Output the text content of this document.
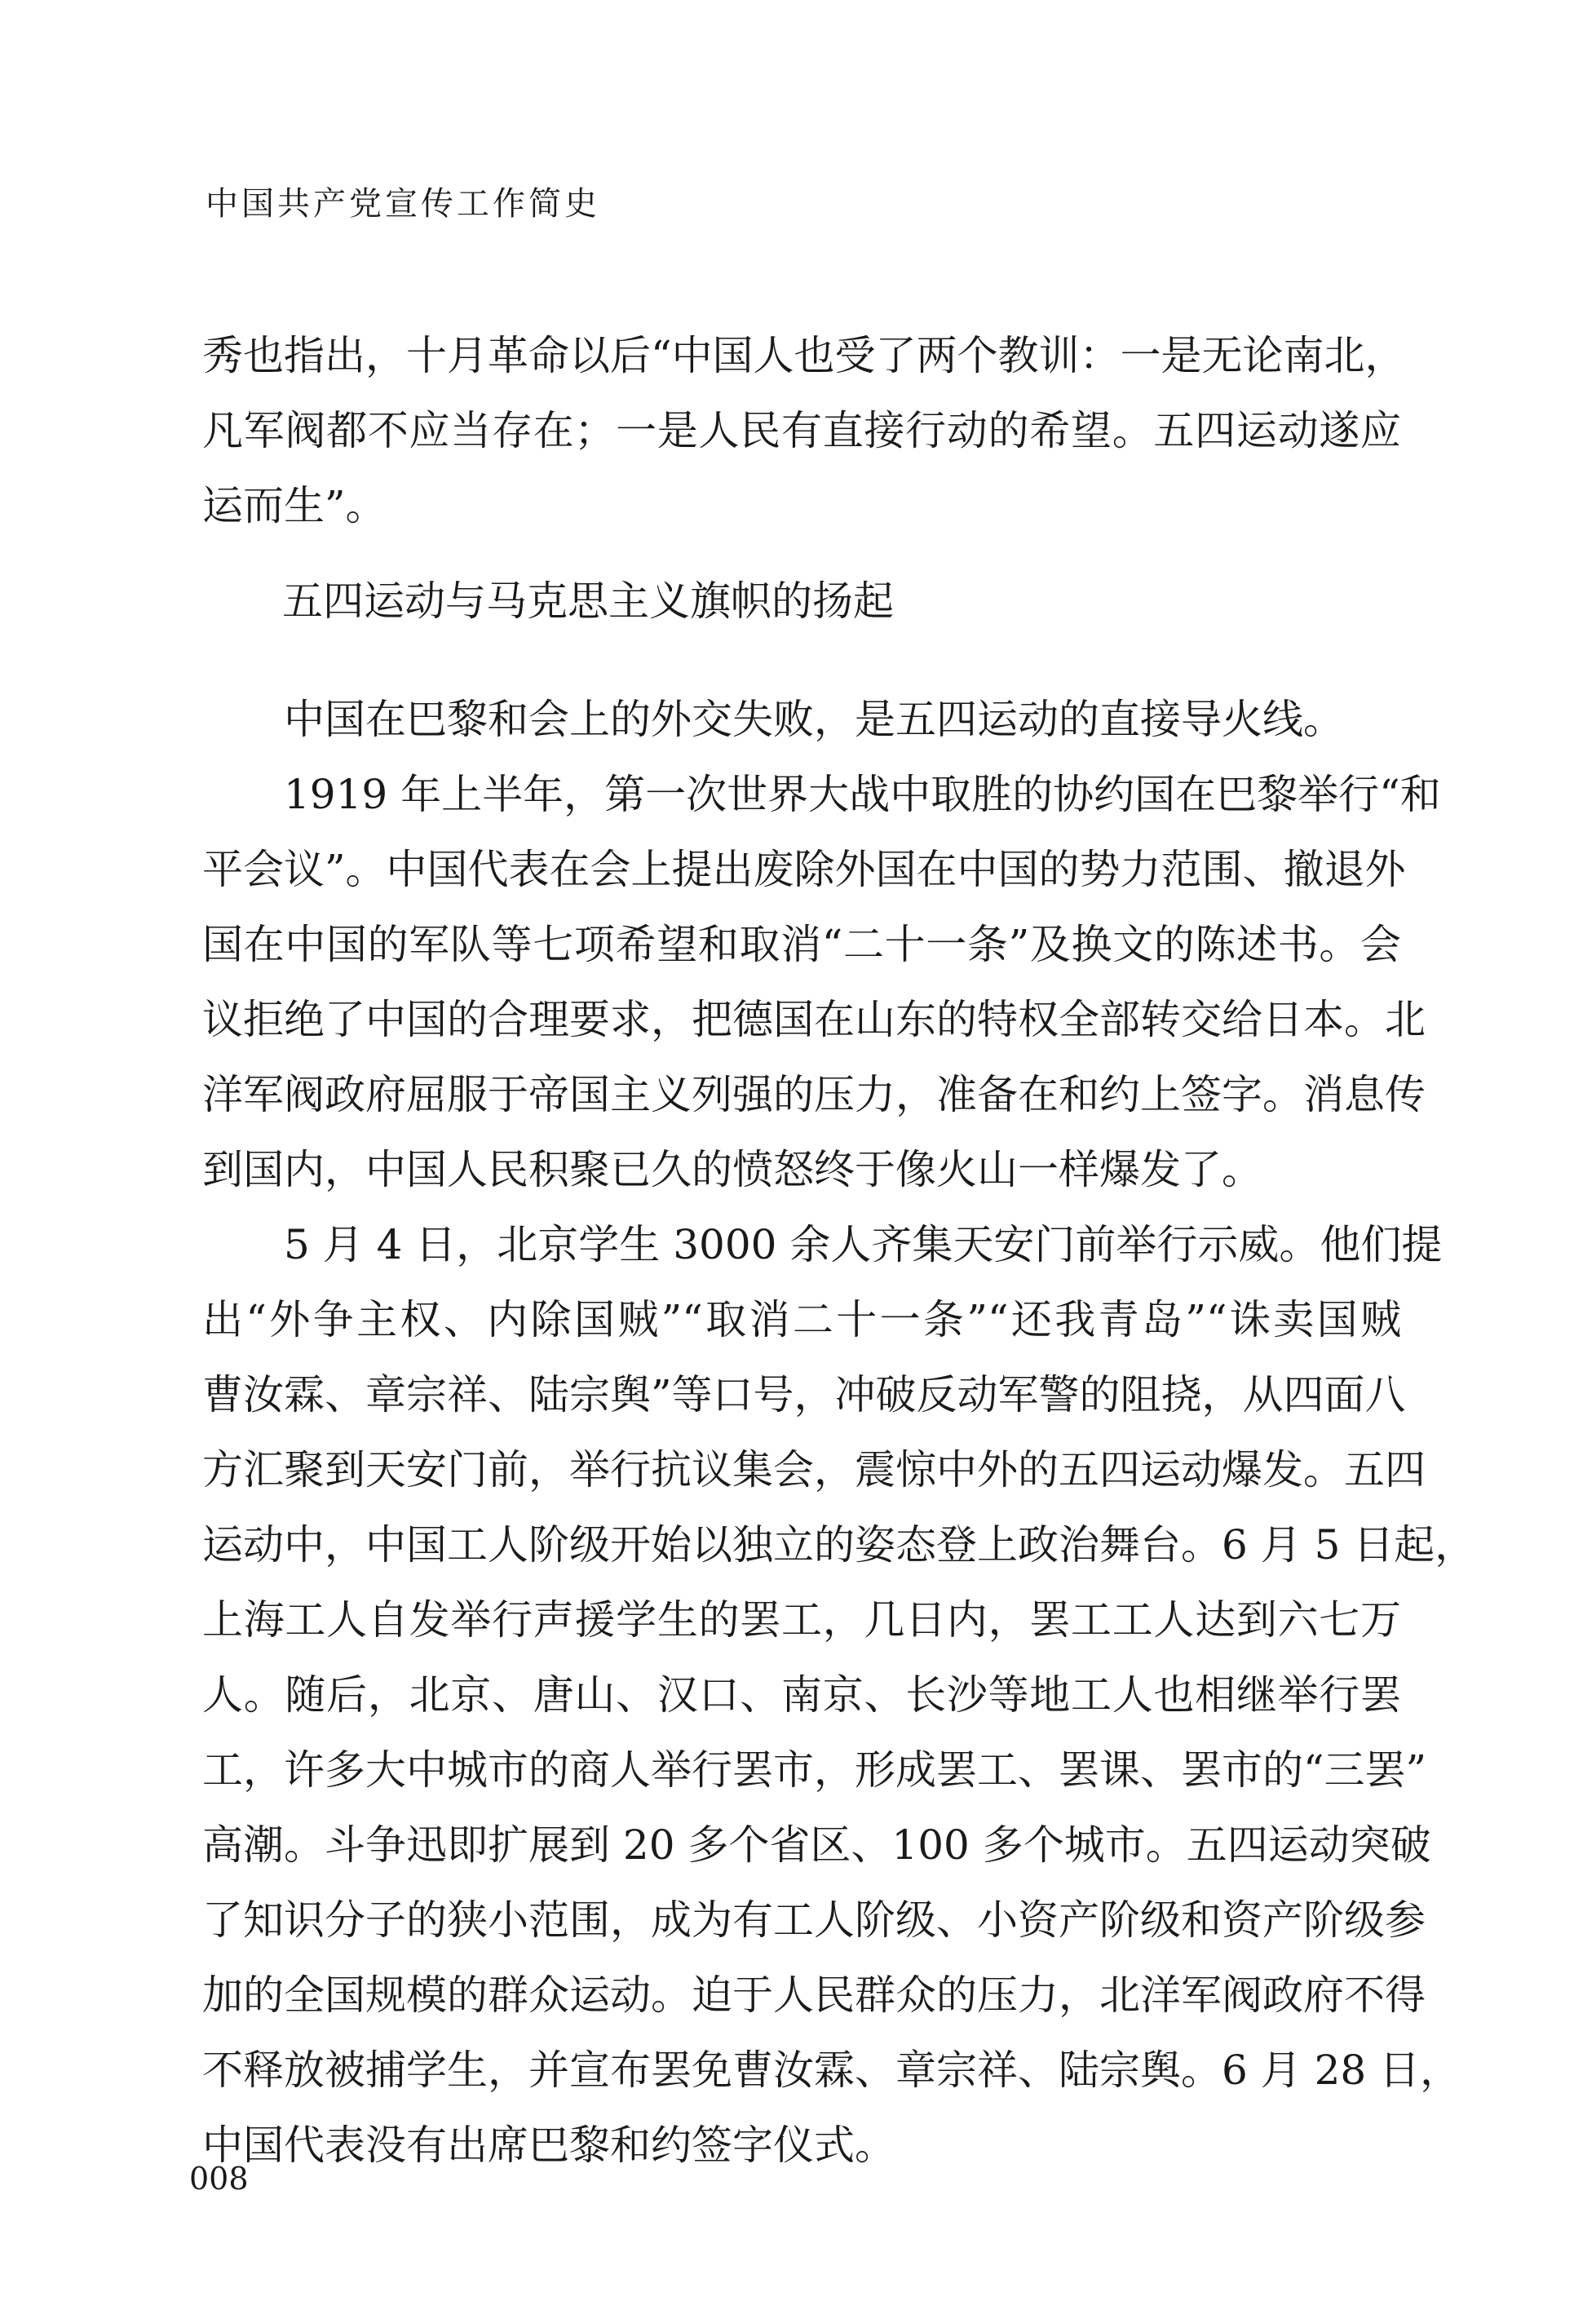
中国共产党宣传工作简史

秀也指出，十月革命以后“中国人也受了两个教训：一是无论南北，
凡军阀都不应当存在；一是人民有直接行动的希望。五四运动遂应
运而生”。

五四运动与马克思主义旗帜的扬起

中国在巴黎和会上的外交失败，是五四运动的直接导火线。

1919 年上半年，第一次世界大战中取胜的协约国在巴黎举行“和
平会议”。中国代表在会上提出废除外国在中国的势力范围、撤退外
国在中国的军队等七项希望和取消“二十一条”及换文的陈述书。会
议拒绝了中国的合理要求，把德国在山东的特权全部转交给日本。北
洋军阀政府屈服于帝国主义列强的压力，准备在和约上签字。消息传
到国内，中国人民积聚已久的愤怒终于像火山一样爆发了。

5 月 4 日，北京学生 3000 余人齐集天安门前举行示威。他们提
出“外争主权、内除国贼”“取消二十一条”“还我青岛”“诛卖国贼
曹汝霖、章宗祥、陆宗舆”等口号，冲破反动军警的阻挠，从四面八
方汇聚到天安门前，举行抗议集会，震惊中外的五四运动爆发。五四
运动中，中国工人阶级开始以独立的姿态登上政治舞台。6 月 5 日起，
上海工人自发举行声援学生的罢工，几日内，罢工工人达到六七万
人。随后，北京、唐山、汉口、南京、长沙等地工人也相继举行罢
工，许多大中城市的商人举行罢市，形成罢工、罢课、罢市的“三罢”
高潮。斗争迅即扩展到 20 多个省区、100 多个城市。五四运动突破
了知识分子的狭小范围，成为有工人阶级、小资产阶级和资产阶级参
加的全国规模的群众运动。迫于人民群众的压力，北洋军阀政府不得
不释放被捕学生，并宣布罢免曹汝霖、章宗祥、陆宗舆。6 月 28 日，
中国代表没有出席巴黎和约签字仪式。

008
